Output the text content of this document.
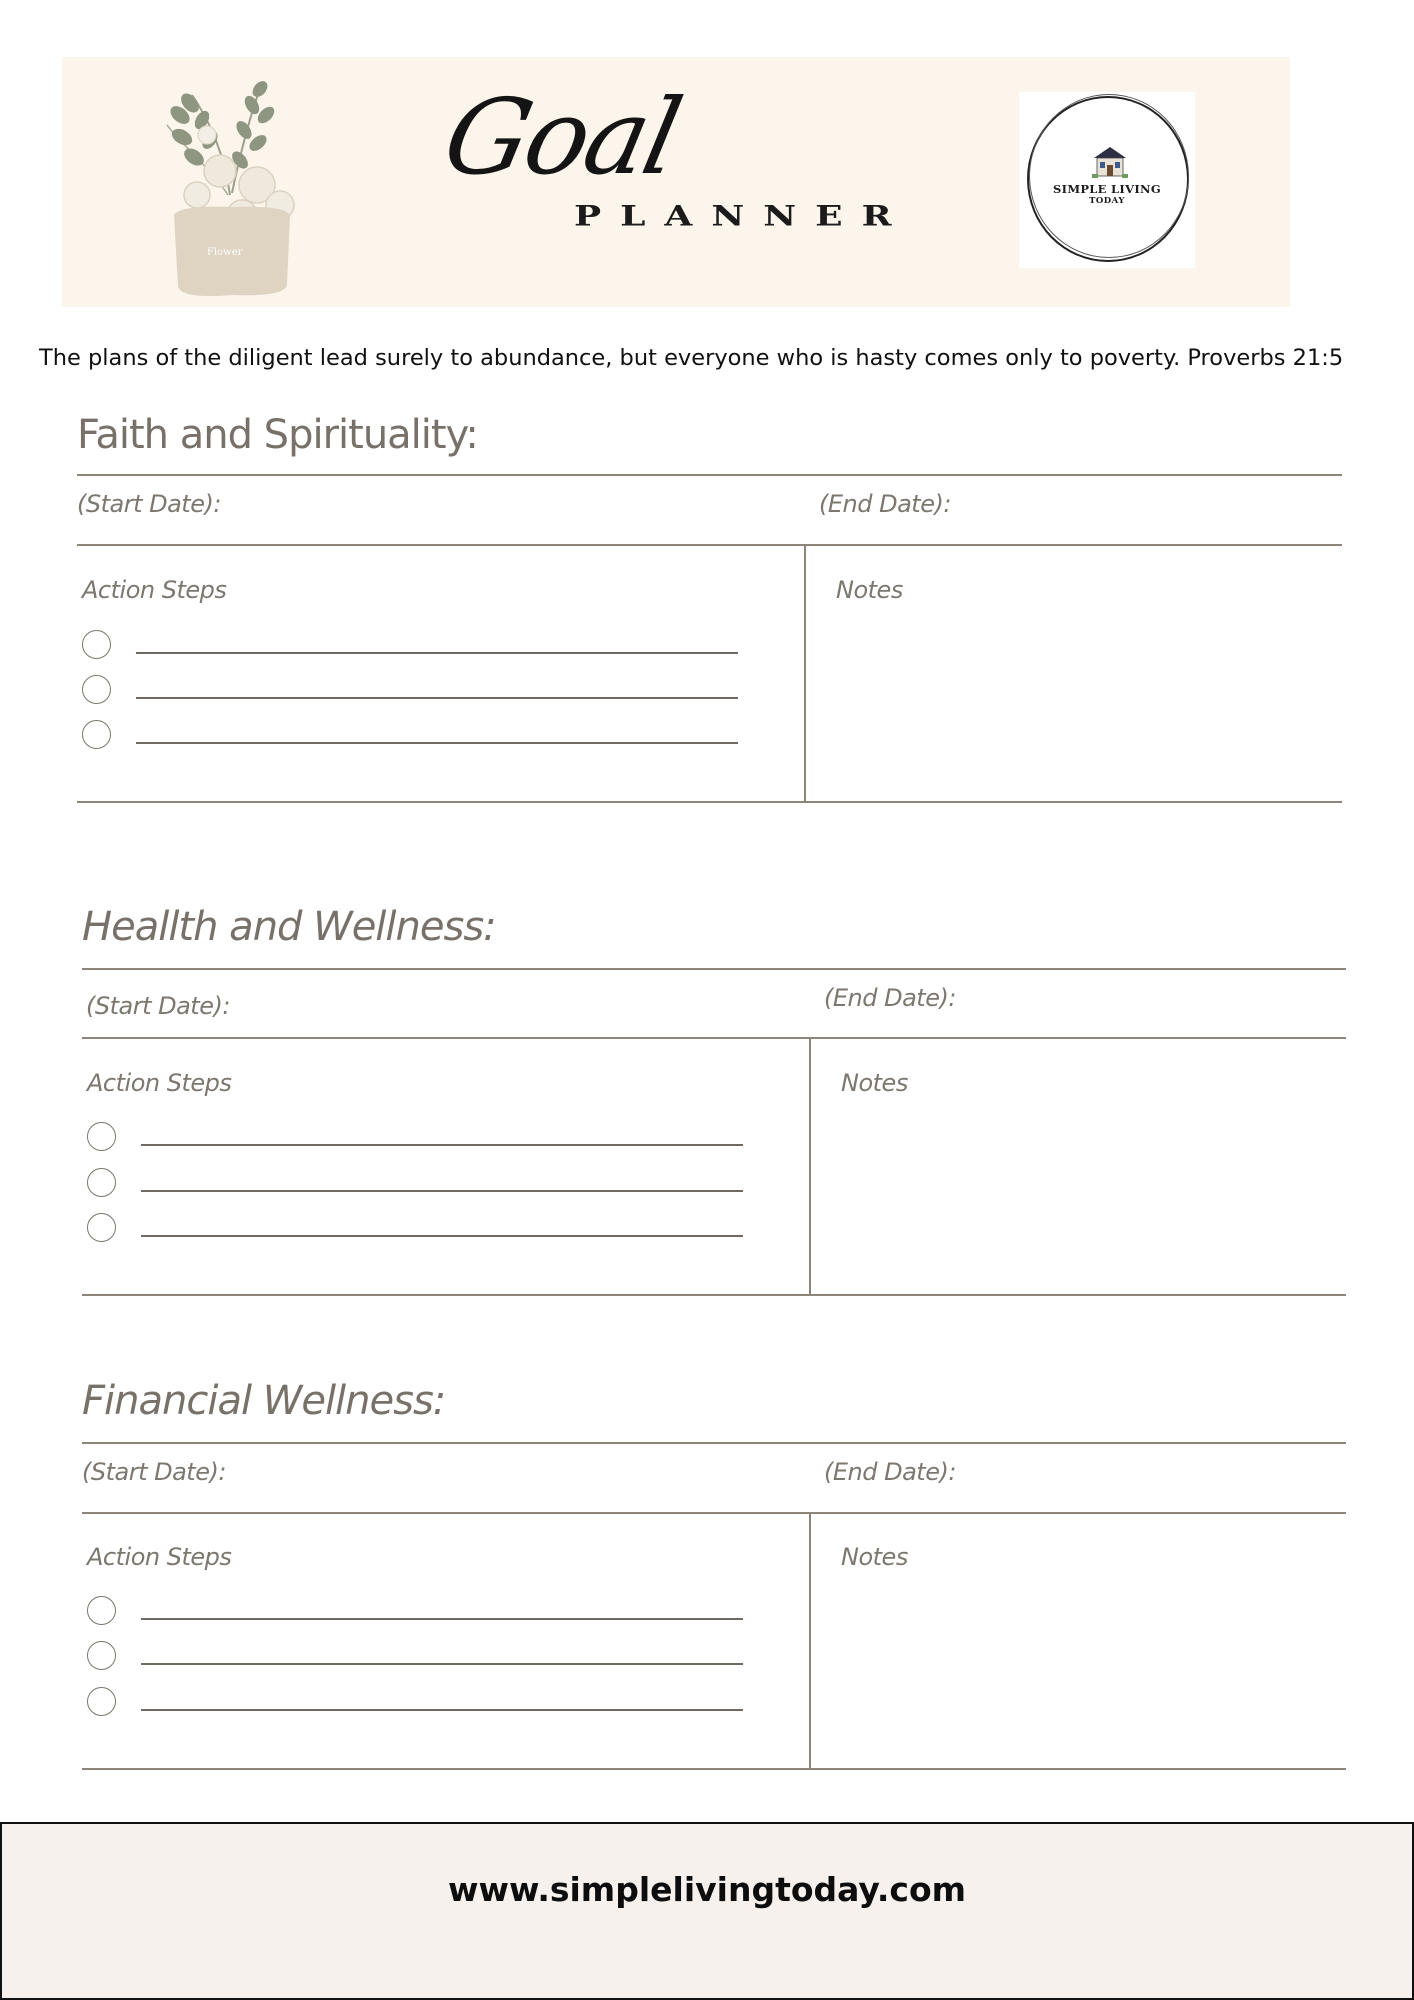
Flower
Goal
PLANNER
SIMPLE LIVING
TODAY
The plans of the diligent lead surely to abundance, but everyone who is hasty comes only to poverty. Proverbs 21:5
Faith and Spirituality:
(Start Date):	(End Date):
Action Steps	Notes
Heallth and Wellness:
(Start Date):	(End Date):
Action Steps	Notes
Financial Wellness:
(Start Date):	(End Date):
Action Steps	Notes
www.simplelivingtoday.com
